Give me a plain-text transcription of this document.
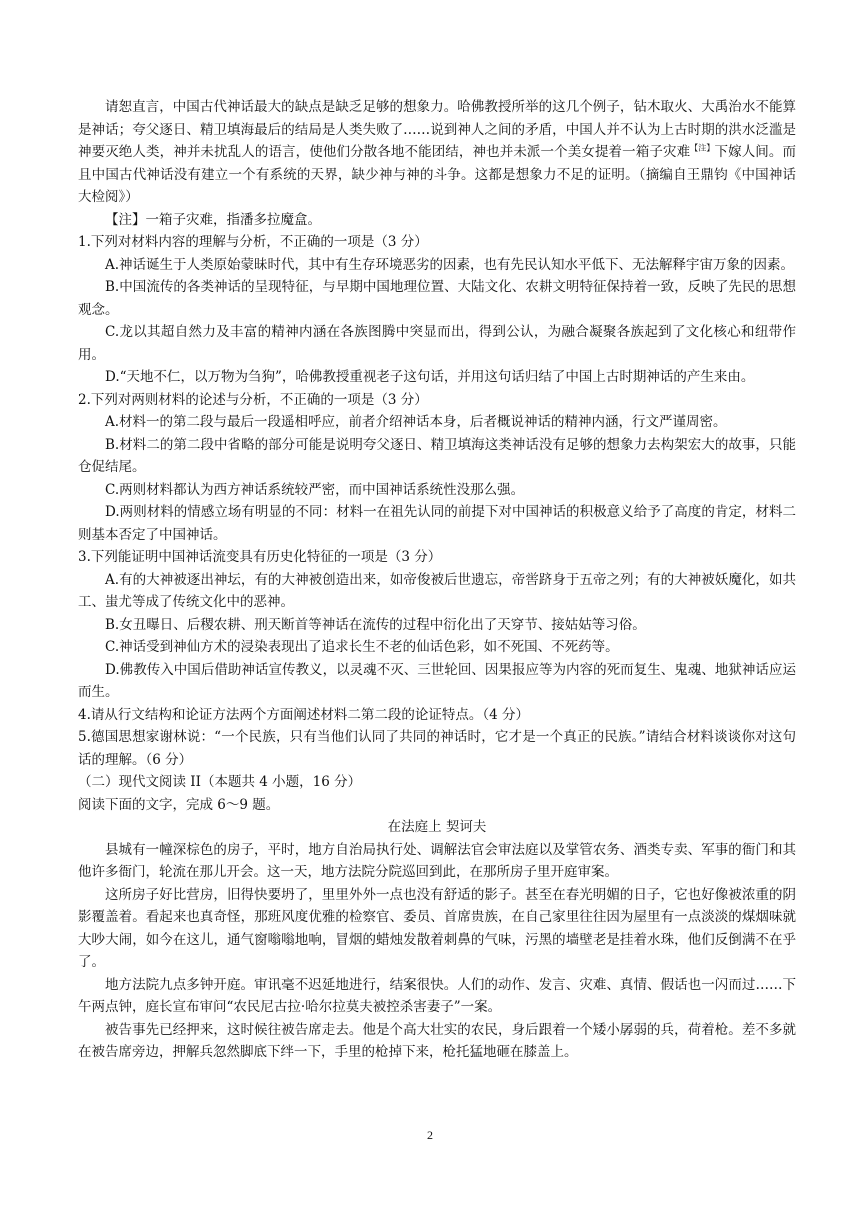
请恕直言，中国古代神话最大的缺点是缺乏足够的想象力。哈佛教授所举的这几个例子，钻木取火、大禹治水不能算是神话；夸父逐日、精卫填海最后的结局是人类失败了……说到神人之间的矛盾，中国人并不认为上古时期的洪水泛滥是神要灭绝人类，神并未扰乱人的语言，使他们分散各地不能团结，神也并未派一个美女提着一箱子灾难$^{【注】}$下嫁人间。而且中国古代神话没有建立一个有系统的天界，缺少神与神的斗争。这都是想象力不足的证明。（摘编自王鼎钧《中国神话大检阅》）

【注】一箱子灾难，指潘多拉魔盒。

1.下列对材料内容的理解与分析，不正确的一项是（3 分）

A.神话诞生于人类原始蒙昧时代，其中有生存环境恶劣的因素，也有先民认知水平低下、无法解释宇宙万象的因素。

B.中国流传的各类神话的呈现特征，与早期中国地理位置、大陆文化、农耕文明特征保持着一致，反映了先民的思想观念。

C.龙以其超自然力及丰富的精神内涵在各族图腾中突显而出，得到公认，为融合凝聚各族起到了文化核心和纽带作用。

D.“天地不仁，以万物为刍狗”，哈佛教授重视老子这句话，并用这句话归结了中国上古时期神话的产生来由。

2.下列对两则材料的论述与分析，不正确的一项是（3 分）

A.材料一的第二段与最后一段遥相呼应，前者介绍神话本身，后者概说神话的精神内涵，行文严谨周密。

B.材料二的第二段中省略的部分可能是说明夸父逐日、精卫填海这类神话没有足够的想象力去构架宏大的故事，只能仓促结尾。

C.两则材料都认为西方神话系统较严密，而中国神话系统性没那么强。

D.两则材料的情感立场有明显的不同：材料一在祖先认同的前提下对中国神话的积极意义给予了高度的肯定，材料二则基本否定了中国神话。

3.下列能证明中国神话流变具有历史化特征的一项是（3 分）

A.有的大神被逐出神坛，有的大神被创造出来，如帝俊被后世遗忘，帝喾跻身于五帝之列；有的大神被妖魔化，如共工、蚩尤等成了传统文化中的恶神。

B.女丑曝日、后稷农耕、刑天断首等神话在流传的过程中衍化出了天穿节、接姑姑等习俗。

C.神话受到神仙方术的浸染表现出了追求长生不老的仙话色彩，如不死国、不死药等。

D.佛教传入中国后借助神话宣传教义，以灵魂不灭、三世轮回、因果报应等为内容的死而复生、鬼魂、地狱神话应运而生。

4.请从行文结构和论证方法两个方面阐述材料二第二段的论证特点。（4 分）

5.德国思想家谢林说：“一个民族，只有当他们认同了共同的神话时，它才是一个真正的民族。”请结合材料谈谈你对这句话的理解。（6 分）

（二）现代文阅读 II（本题共 4 小题，16 分）

阅读下面的文字，完成 6～9 题。

在法庭上 契诃夫

县城有一幢深棕色的房子，平时，地方自治局执行处、调解法官会审法庭以及掌管农务、酒类专卖、军事的衙门和其他许多衙门，轮流在那儿开会。这一天，地方法院分院巡回到此，在那所房子里开庭审案。

这所房子好比营房，旧得快要坍了，里里外外一点也没有舒适的影子。甚至在春光明媚的日子，它也好像被浓重的阴影覆盖着。看起来也真奇怪，那班风度优雅的检察官、委员、首席贵族，在自己家里往往因为屋里有一点淡淡的煤烟味就大吵大闹，如今在这儿，通气窗嗡嗡地响，冒烟的蜡烛发散着刺鼻的气味，污黑的墙壁老是挂着水珠，他们反倒满不在乎了。

地方法院九点多钟开庭。审讯毫不迟延地进行，结案很快。人们的动作、发言、灾难、真情、假话也一闪而过……下午两点钟，庭长宣布审问“农民尼古拉·哈尔拉莫夫被控杀害妻子”一案。

被告事先已经押来，这时候往被告席走去。他是个高大壮实的农民，身后跟着一个矮小孱弱的兵，荷着枪。差不多就在被告席旁边，押解兵忽然脚底下绊一下，手里的枪掉下来，枪托猛地砸在膝盖上。

2
